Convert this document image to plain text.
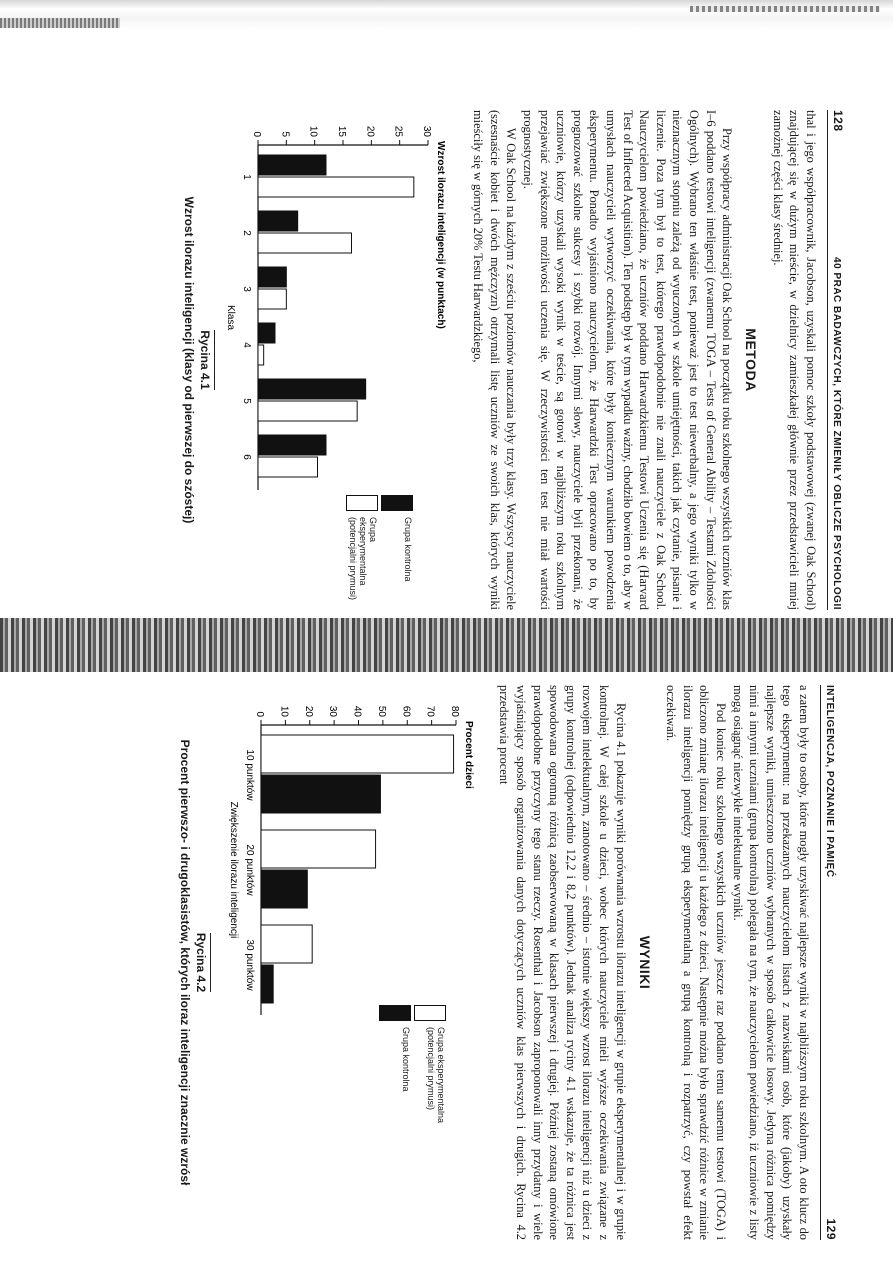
128
40 PRAC BADAWCZYCH, KTÓRE ZMIENIŁY OBLICZE PSYCHOLOGII

thal i jego współpracownik, Jacobson, uzyskali pomoc szkoły podstawowej (zwanej Oak School) znajdującej się w dużym mieście, w dzielnicy zamieszkałej głównie przez przedstawicieli mniej zamożnej części klasy średniej.

METODA

Przy współpracy administracji Oak School na początku roku szkolnego wszystkich uczniów klas I–6 poddano testowi inteligencji (zwanemu TOGA – Tests of General Ability – Testami Zdolności Ogólnych). Wybrano ten właśnie test, ponieważ jest to test niewerbalny, a jego wyniki tylko w nieznacznym stopniu zależą od wyuczonych w szkole umiejętności, takich jak czytanie, pisanie i liczenie. Poza tym był to test, którego prawdopodobnie nie znali nauczyciele z Oak School. Nauczycielom powiedziano, że uczniów poddano Harwardzkiemu Testowi Uczenia się (Harvard Test of Inflected Acquisition). Ten podstęp był w tym wypadku ważny, chodziło bowiem o to, aby w umysłach nauczycieli wytworzyć oczekiwania, które były koniecznym warunkiem powodzenia eksperymentu. Ponadto wyjaśniono nauczycielom, że Harwardzki Test opracowano po to, by prognozować szkolne sukcesy i szybki rozwój. Innymi słowy, nauczyciele byli przekonani, że uczniowie, którzy uzyskali wysoki wynik w teście, są gotowi w najbliższym roku szkolnym przejawiać zwiększone możliwości uczenia się. W rzeczywistości ten test nie miał wartości prognostycznej.

W Oak School na każdym z sześciu poziomów nauczania były trzy klasy. Wszyscy nauczyciele (szesnaście kobiet i dwóch mężczyzn) otrzymali listę uczniów ze swoich klas, których wyniki mieściły się w górnych 20% Testu Harwardzkiego,

Wzrost ilorazu inteligencji (w punktach)
0 5 10 15 20 25 30
1
2
3
4
5
6
Klasa
Grupa kontrolna
Grupa eksperymentalna (potencjalni prymusi)
Rycina 4.1
Wzrost ilorazu inteligencji (klasy od pierwszej do szóstej)
INTELIGENCJA, POZNANIE I PAMIĘĆ
129

a zatem były to osoby, które mogły uzyskiwać najlepsze wyniki w najbliższym roku szkolnym. A oto klucz do tego eksperymentu: na przekazanych nauczycielom listach z nazwiskami osób, które (jakoby) uzyskały najlepsze wyniki, umieszczono uczniów wybranych w sposób całkowicie losowy. Jedyna różnica pomiędzy nimi a innymi uczniami (grupa kontrolna) polegała na tym, że nauczycielom powiedziano, iż uczniowie z listy mogą osiągnąć niezwykłe intelektualne wyniki.

Pod koniec roku szkolnego wszystkich uczniów jeszcze raz poddano temu samemu testowi (TOGA) i obliczono zmianę ilorazu inteligencji u każdego z dzieci. Następnie można było sprawdzić różnice w zmianie ilorazu inteligencji pomiędzy grupą eksperymentalną a grupą kontrolną i rozpatrzyć, czy powstał efekt oczekiwań.

WYNIKI

Rycina 4.1 pokazuje wyniki porównania wzrostu ilorazu inteligencji w grupie eksperymentalnej i w grupie kontrolnej. W całej szkole u dzieci, wobec których nauczyciele mieli wyższe oczekiwania związane z rozwojem intelektualnym, zanotowano – średnio – istotnie większy wzrost ilorazu inteligencji niż u dzieci z grupy kontrolnej (odpowiednio 12,2 i 8,2 punktów). Jednak analiza ryciny 4.1 wskazuje, że ta różnica jest spowodowana ogromną różnicą zaobserwowaną w klasach pierwszej i drugiej. Później zostaną omówione prawdopodobne przyczyny tego stanu rzeczy. Rosenthal i Jacobson zaproponowali inny przydatny i wiele wyjaśniający sposób organizowania danych dotyczących uczniów klas pierwszych i drugich. Rycina 4.2 przedstawia procent

Procent dzieci
0 10 20 30 40 50 60 70 80
10 punktów
20 punktów
30 punktów
Zwiększenie ilorazu inteligencji
Grupa eksperymentalna (potencjalni prymusi)
Grupa kontrolna
Rycina 4.2
Procent pierwszo- i drugoklasistów, których iloraz inteligencji znacznie wzrósł
